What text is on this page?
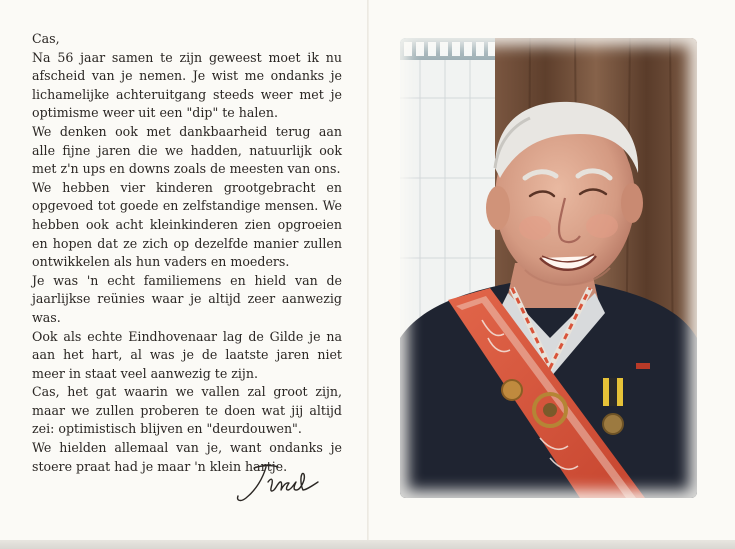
Cas,

Na 56 jaar samen te zijn geweest moet ik nu afscheid van je nemen. Je wist me ondanks je lichamelijke achteruitgang steeds weer met je optimisme weer uit een "dip" te halen.

We denken ook met dankbaarheid terug aan alle fijne jaren die we hadden, natuurlijk ook met z'n ups en downs zoals de meesten van ons.

We hebben vier kinderen grootgebracht en opgevoed tot goede en zelfstandige mensen. We hebben ook acht kleinkinderen zien opgroeien en hopen dat ze zich op dezelfde manier zullen ontwikkelen als hun vaders en moeders.

Je was 'n echt familiemens en hield van de jaarlijkse reünies waar je altijd zeer aanwezig was.

Ook als echte Eindhovenaar lag de Gilde je na aan het hart, al was je de laatste jaren niet meer in staat veel aanwezig te zijn.

Cas, het gat waarin we vallen zal groot zijn, maar we zullen proberen te doen wat jij altijd zei: optimistisch blijven en "deurdouwen".

We hielden allemaal van je, want ondanks je stoere praat had je maar 'n klein hartje.
